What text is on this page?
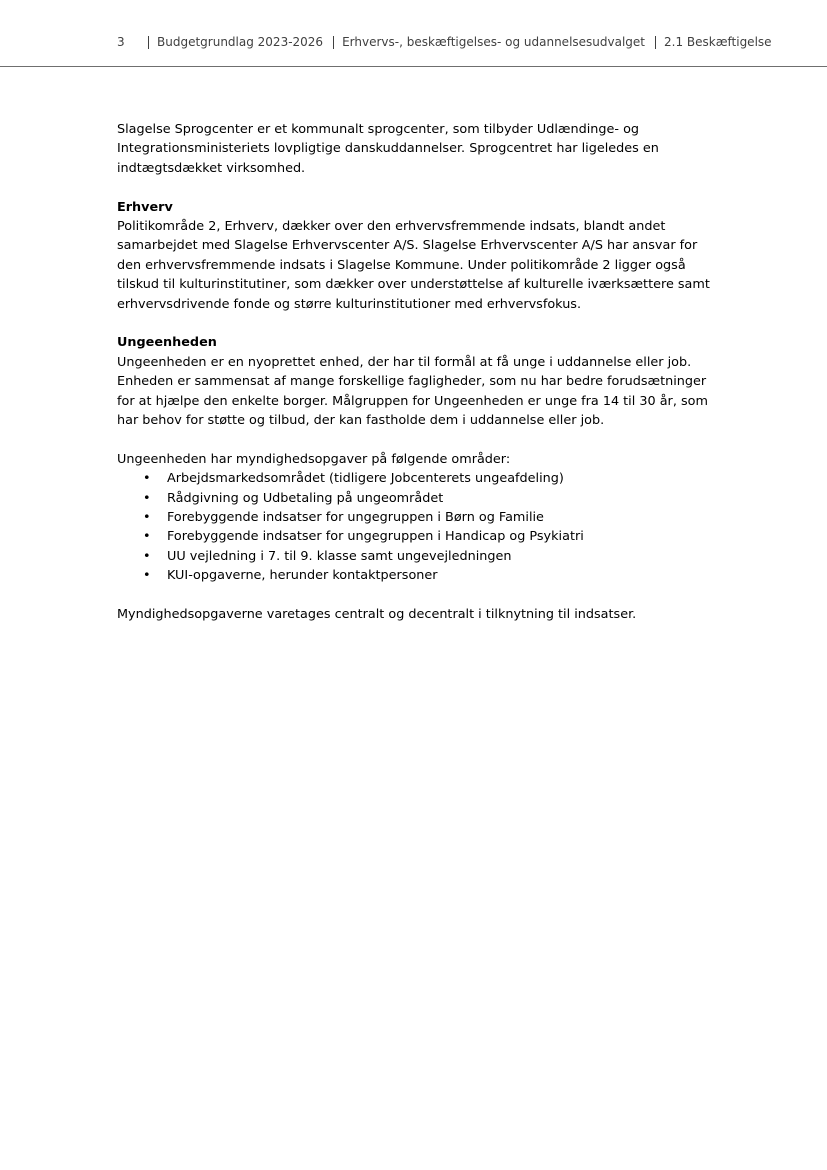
3	Budgetgrundlag 2023-2026 Erhvervs-, beskæftigelses- og udannelsesudvalget 2.1 Beskæftigelse

Slagelse Sprogcenter er et kommunalt sprogcenter, som tilbyder Udlændinge- og

Integrationsministeriets lovpligtige danskuddannelser. Sprogcentret har ligeledes en

indtægtsdækket virksomhed.

Erhverv

Politikområde 2, Erhverv, dækker over den erhvervsfremmende indsats, blandt andet

samarbejdet med Slagelse Erhvervscenter A/S. Slagelse Erhvervscenter A/S har ansvar for

den erhvervsfremmende indsats i Slagelse Kommune. Under politikområde 2 ligger også

tilskud til kulturinstitutiner, som dækker over understøttelse af kulturelle iværksættere samt

erhvervsdrivende fonde og større kulturinstitutioner med erhvervsfokus.

Ungeenheden

Ungeenheden er en nyoprettet enhed, der har til formål at få unge i uddannelse eller job.

Enheden er sammensat af mange forskellige fagligheder, som nu har bedre forudsætninger

for at hjælpe den enkelte borger. Målgruppen for Ungeenheden er unge fra 14 til 30 år, som

har behov for støtte og tilbud, der kan fastholde dem i uddannelse eller job.

Ungeenheden har myndighedsopgaver på følgende områder:

• Arbejdsmarkedsområdet (tidligere Jobcenterets ungeafdeling)
• Rådgivning og Udbetaling på ungeområdet
• Forebyggende indsatser for ungegruppen i Børn og Familie
• Forebyggende indsatser for ungegruppen i Handicap og Psykiatri
• UU vejledning i 7. til 9. klasse samt ungevejledningen
• KUI-opgaverne, herunder kontaktpersoner

Myndighedsopgaverne varetages centralt og decentralt i tilknytning til indsatser.
